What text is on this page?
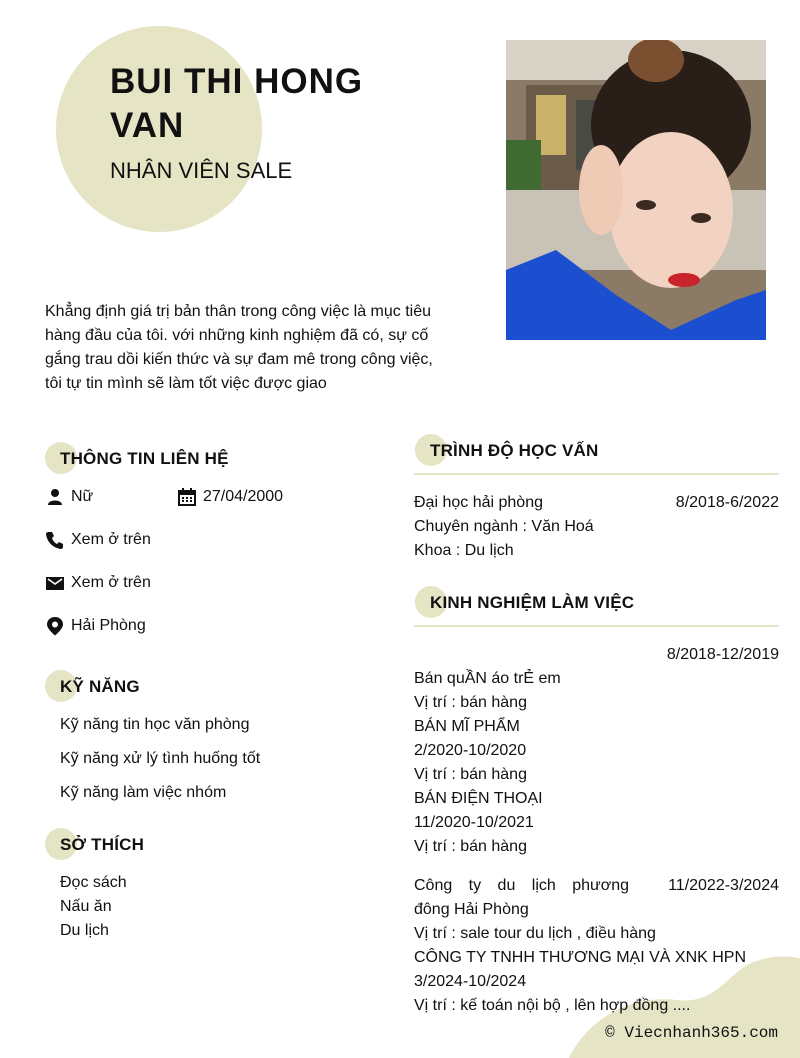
BUI THI HONG
VAN
NHÂN VIÊN SALE
Khẳng định giá trị bản thân trong công việc là mục tiêu
hàng đầu của tôi. với những kinh nghiệm đã có, sự cố
gắng trau dồi kiến thức và sự đam mê trong công việc,
tôi tự tin mình sẽ làm tốt việc được giao
THÔNG TIN LIÊN HỆ
Nữ	27/04/2000
Xem ở trên
Xem ở trên
Hải Phòng
KỸ NĂNG
Kỹ năng tin học văn phòng
Kỹ năng xử lý tình huống tốt
Kỹ năng làm việc nhóm
SỞ THÍCH
Đọc sách
Nấu ăn
Du lịch
TRÌNH ĐỘ HỌC VẤN
Đại học hải phòng	8/2018-6/2022
Chuyên ngành : Văn Hoá
Khoa : Du lịch
KINH NGHIỆM LÀM VIỆC
8/2018-12/2019
Bán quẦN áo trẺ em
Vị trí : bán hàng
BÁN MĨ PHẨM
2/2020-10/2020
Vị trí : bán hàng
BÁN ĐIỆN THOẠI
11/2020-10/2021
Vị trí : bán hàng
Công ty du lịch phương 11/2022-3/2024
đông Hải Phòng
Vị trí : sale tour du lịch , điều hàng
CÔNG TY TNHH THƯƠNG MẠI VÀ XNK HPN
3/2024-10/2024
Vị trí : kế toán nội bộ , lên hợp đồng ....
© Viecnhanh365.com
